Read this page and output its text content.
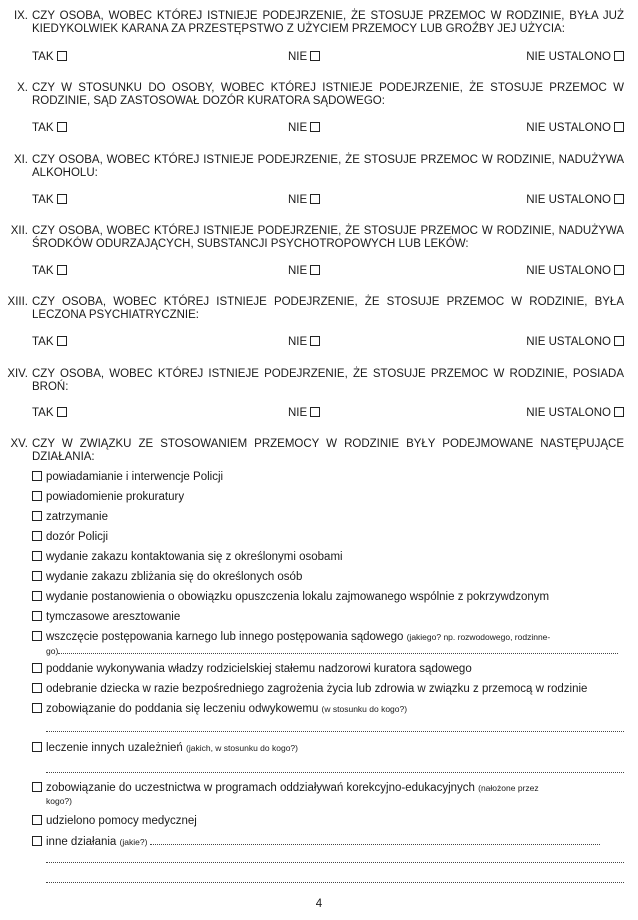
IX. CZY OSOBA, WOBEC KTÓREJ ISTNIEJE PODEJRZENIE, ŻE STOSUJE PRZEMOC W RODZINIE, BYŁA JUŻ KIEDYKOLWIEK KARANA ZA PRZESTĘPSTWO Z UŻYCIEM PRZEMOCY LUB GROŹBY JEJ UŻYCIA:
TAK	NIE	NIE USTALONO
X. CZY W STOSUNKU DO OSOBY, WOBEC KTÓREJ ISTNIEJE PODEJRZENIE, ŻE STOSUJE PRZEMOC W RODZINIE, SĄD ZASTOSOWAŁ DOZÓR KURATORA SĄDOWEGO:
TAK	NIE	NIE USTALONO
XI. CZY OSOBA, WOBEC KTÓREJ ISTNIEJE PODEJRZENIE, ŻE STOSUJE PRZEMOC W RODZINIE, NADUŻYWA ALKOHOLU:
TAK	NIE	NIE USTALONO
XII. CZY OSOBA, WOBEC KTÓREJ ISTNIEJE PODEJRZENIE, ŻE STOSUJE PRZEMOC W RODZINIE, NADUŻYWA ŚRODKÓW ODURZAJĄCYCH, SUBSTANCJI PSYCHOTROPOWYCH LUB LEKÓW:
TAK	NIE	NIE USTALONO
XIII. CZY OSOBA, WOBEC KTÓREJ ISTNIEJE PODEJRZENIE, ŻE STOSUJE PRZEMOC W RODZINIE, BYŁA LECZONA PSYCHIATRYCZNIE:
TAK	NIE	NIE USTALONO
XIV. CZY OSOBA, WOBEC KTÓREJ ISTNIEJE PODEJRZENIE, ŻE STOSUJE PRZEMOC W RODZINIE, POSIADA BROŃ:
TAK	NIE	NIE USTALONO
XV. CZY W ZWIĄZKU ZE STOSOWANIEM PRZEMOCY W RODZINIE BYŁY PODEJMOWANE NASTĘPUJĄCE DZIAŁANIA:
powiadamianie i interwencje Policji
powiadomienie prokuratury
zatrzymanie
dozór Policji
wydanie zakazu kontaktowania się z określonymi osobami
wydanie zakazu zbliżania się do określonych osób
wydanie postanowienia o obowiązku opuszczenia lokalu zajmowanego wspólnie z pokrzywdzonym
tymczasowe aresztowanie
wszczęcie postępowania karnego lub innego postępowania sądowego (jakiego? np. rozwodowego, rodzinne-
go)
poddanie wykonywania władzy rodzicielskiej stałemu nadzorowi kuratora sądowego
odebranie dziecka w razie bezpośredniego zagrożenia życia lub zdrowia w związku z przemocą w rodzinie
zobowiązanie do poddania się leczeniu odwykowemu (w stosunku do kogo?)
leczenie innych uzależnień (jakich, w stosunku do kogo?)
zobowiązanie do uczestnictwa w programach oddziaływań korekcyjno-edukacyjnych (nałożone przez
kogo?)
udzielono pomocy medycznej
inne działania (jakie?)
4
